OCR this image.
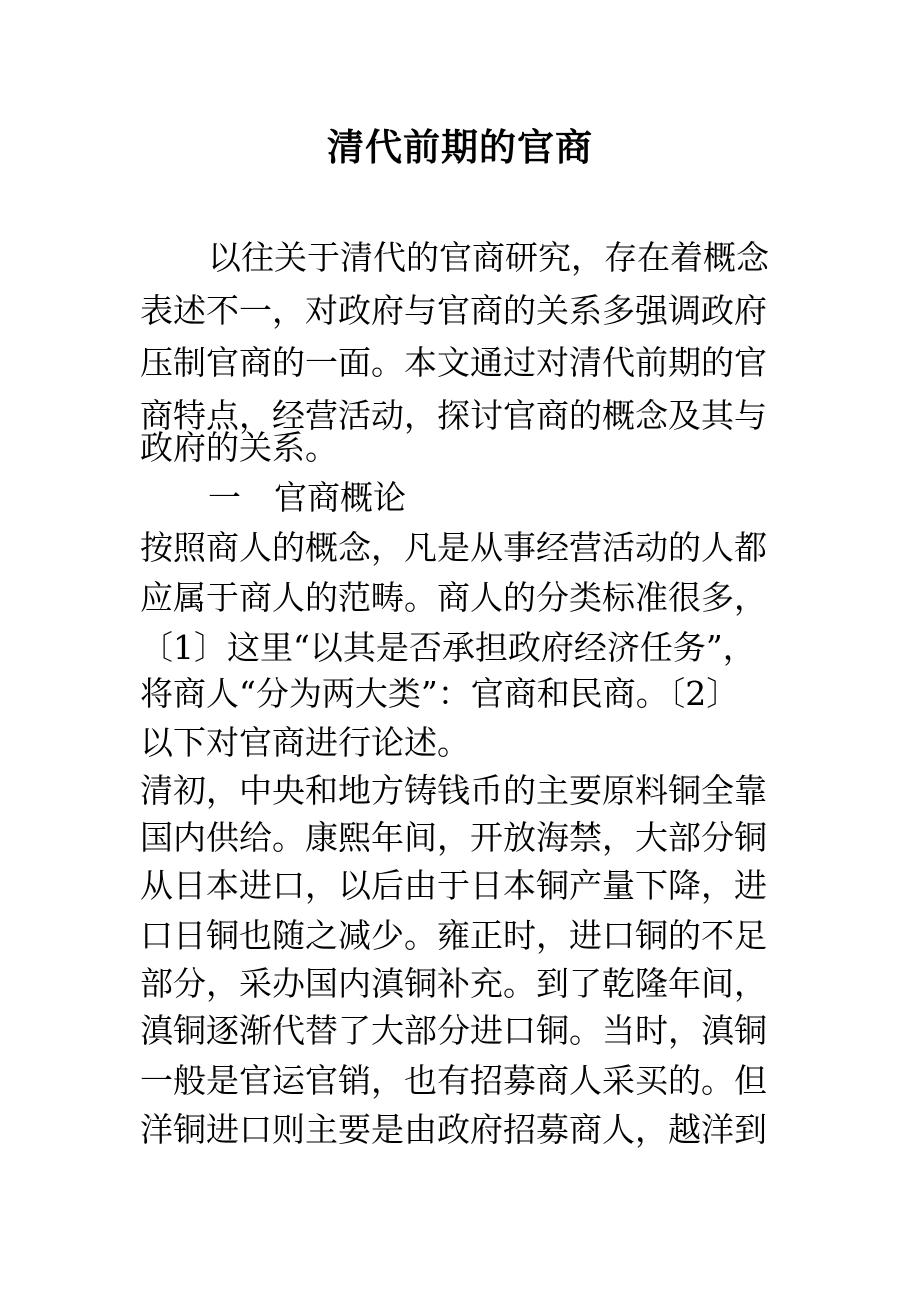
清代前期的官商
以往关于清代的官商研究，存在着概念
表述不一，对政府与官商的关系多强调政府
压制官商的一面。本文通过对清代前期的官
商特点，经营活动，探讨官商的概念及其与
政府的关系。
一　官商概论
按照商人的概念，凡是从事经营活动的人都
应属于商人的范畴。商人的分类标准很多，
〔1〕这里“以其是否承担政府经济任务”，
将商人“分为两大类”：官商和民商。〔2〕
以下对官商进行论述。
清初，中央和地方铸钱币的主要原料铜全靠
国内供给。康熙年间，开放海禁，大部分铜
从日本进口，以后由于日本铜产量下降，进
口日铜也随之减少。雍正时，进口铜的不足
部分，采办国内滇铜补充。到了乾隆年间，
滇铜逐渐代替了大部分进口铜。当时，滇铜
一般是官运官销，也有招募商人采买的。但
洋铜进口则主要是由政府招募商人，越洋到
